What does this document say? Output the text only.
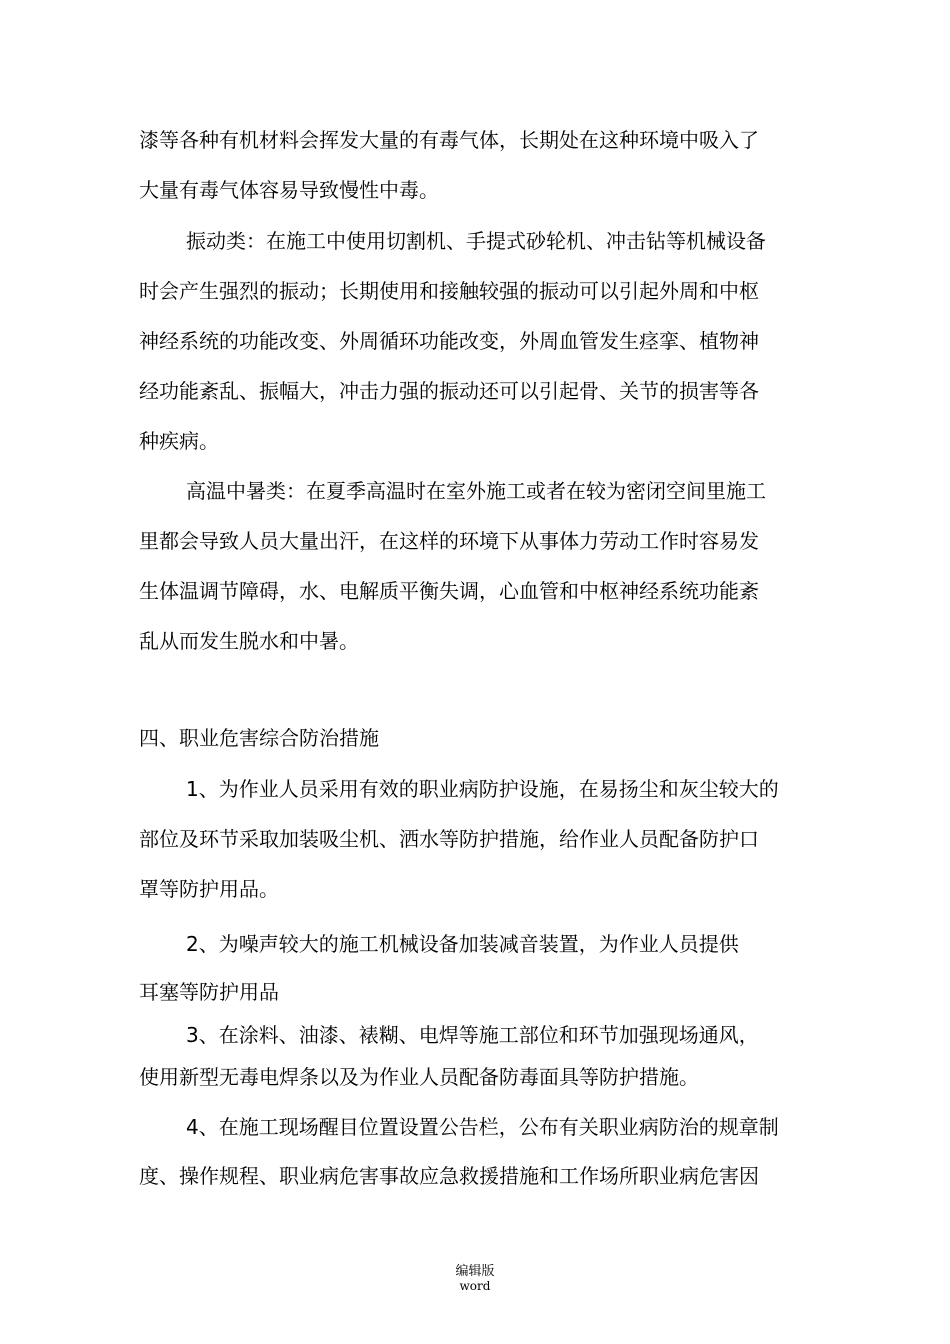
漆等各种有机材料会挥发大量的有毒气体，长期处在这种环境中吸入了
大量有毒气体容易导致慢性中毒。
振动类：在施工中使用切割机、手提式砂轮机、冲击钻等机械设备
时会产生强烈的振动；长期使用和接触较强的振动可以引起外周和中枢
神经系统的功能改变、外周循环功能改变，外周血管发生痉挛、植物神
经功能紊乱、振幅大，冲击力强的振动还可以引起骨、关节的损害等各
种疾病。
高温中暑类：在夏季高温时在室外施工或者在较为密闭空间里施工
里都会导致人员大量出汗，在这样的环境下从事体力劳动工作时容易发
生体温调节障碍，水、电解质平衡失调，心血管和中枢神经系统功能紊
乱从而发生脱水和中暑。
四、职业危害综合防治措施
1、为作业人员采用有效的职业病防护设施，在易扬尘和灰尘较大的
部位及环节采取加装吸尘机、洒水等防护措施，给作业人员配备防护口
罩等防护用品。
2、为噪声较大的施工机械设备加装减音装置，为作业人员提供
耳塞等防护用品
3、在涂料、油漆、裱糊、电焊等施工部位和环节加强现场通风，
使用新型无毒电焊条以及为作业人员配备防毒面具等防护措施。
4、在施工现场醒目位置设置公告栏，公布有关职业病防治的规章制
度、操作规程、职业病危害事故应急救援措施和工作场所职业病危害因
编辑版
word
